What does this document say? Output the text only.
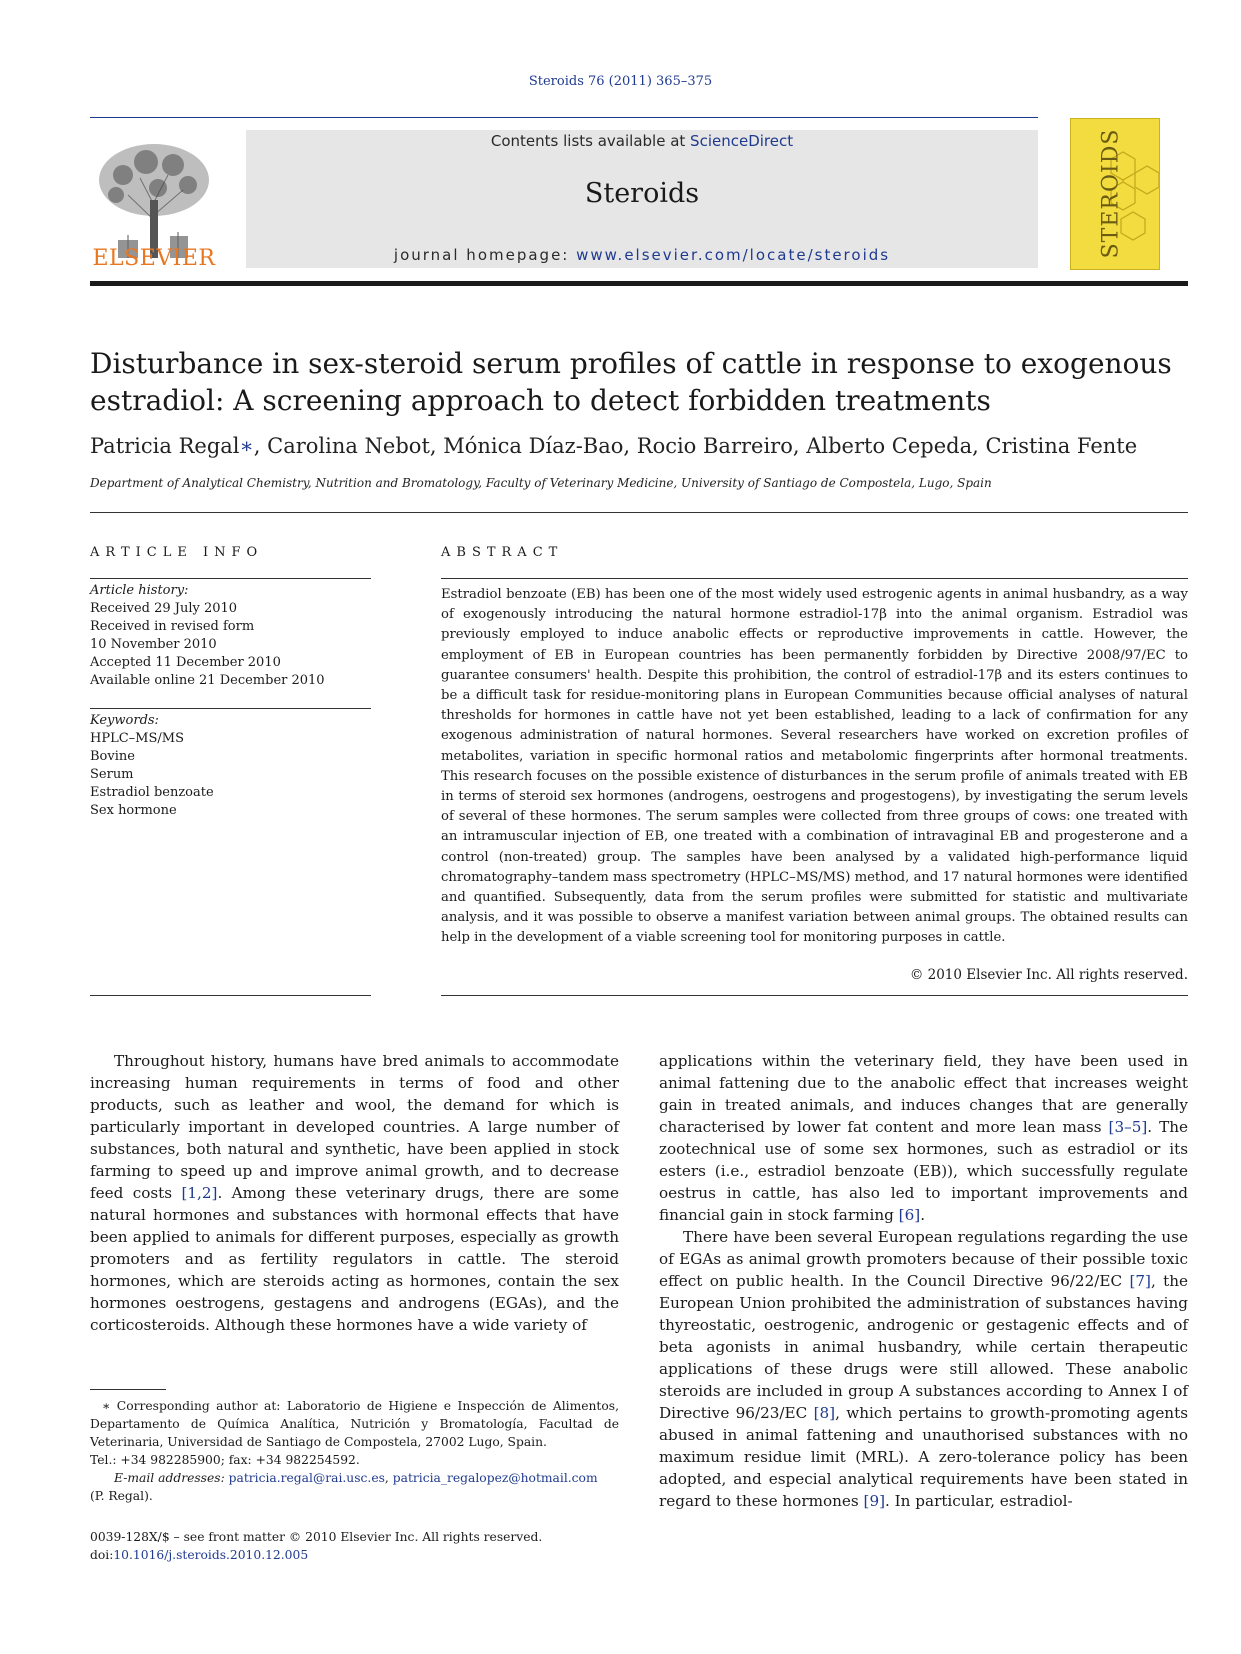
Steroids 76 (2011) 365–375
ELSEVIER
Contents lists available at ScienceDirect
Steroids
journal homepage: www.elsevier.com/locate/steroids	STEROIDS
Disturbance in sex-steroid serum profiles of cattle in response to exogenous
estradiol: A screening approach to detect forbidden treatments
Patricia Regal∗, Carolina Nebot, Mónica Díaz-Bao, Rocio Barreiro, Alberto Cepeda, Cristina Fente
Department of Analytical Chemistry, Nutrition and Bromatology, Faculty of Veterinary Medicine, University of Santiago de Compostela, Lugo, Spain
ARTICLE INFO
Article history:
Received 29 July 2010
Received in revised form
10 November 2010
Accepted 11 December 2010
Available online 21 December 2010
Keywords:
HPLC–MS/MS
Bovine
Serum
Estradiol benzoate
Sex hormone
ABSTRACT
Estradiol benzoate (EB) has been one of the most widely used estrogenic agents in animal husbandry, as a way of exogenously introducing the natural hormone estradiol-17β into the animal organism. Estradiol was previously employed to induce anabolic effects or reproductive improvements in cattle. However, the employment of EB in European countries has been permanently forbidden by Directive 2008/97/EC to guarantee consumers' health. Despite this prohibition, the control of estradiol-17β and its esters continues to be a difficult task for residue-monitoring plans in European Communities because official analyses of natural thresholds for hormones in cattle have not yet been established, leading to a lack of confirmation for any exogenous administration of natural hormones. Several researchers have worked on excretion profiles of metabolites, variation in specific hormonal ratios and metabolomic fingerprints after hormonal treatments. This research focuses on the possible existence of disturbances in the serum profile of animals treated with EB in terms of steroid sex hormones (androgens, oestrogens and progestogens), by investigating the serum levels of several of these hormones. The serum samples were collected from three groups of cows: one treated with an intramuscular injection of EB, one treated with a combination of intravaginal EB and progesterone and a control (non-treated) group. The samples have been analysed by a validated high-performance liquid chromatography–tandem mass spectrometry (HPLC–MS/MS) method, and 17 natural hormones were identified and quantified. Subsequently, data from the serum profiles were submitted for statistic and multivariate analysis, and it was possible to observe a manifest variation between animal groups. The obtained results can help in the development of a viable screening tool for monitoring purposes in cattle.
© 2010 Elsevier Inc. All rights reserved.

Throughout history, humans have bred animals to accommodate increasing human requirements in terms of food and other products, such as leather and wool, the demand for which is particularly important in developed countries. A large number of substances, both natural and synthetic, have been applied in stock farming to speed up and improve animal growth, and to decrease feed costs [1,2]. Among these veterinary drugs, there are some natural hormones and substances with hormonal effects that have been applied to animals for different purposes, especially as growth promoters and as fertility regulators in cattle. The steroid hormones, which are steroids acting as hormones, contain the sex hormones oestrogens, gestagens and androgens (EGAs), and the corticosteroids. Although these hormones have a wide variety of

applications within the veterinary field, they have been used in animal fattening due to the anabolic effect that increases weight gain in treated animals, and induces changes that are generally characterised by lower fat content and more lean mass [3–5]. The zootechnical use of some sex hormones, such as estradiol or its esters (i.e., estradiol benzoate (EB)), which successfully regulate oestrus in cattle, has also led to important improvements and financial gain in stock farming [6].

There have been several European regulations regarding the use of EGAs as animal growth promoters because of their possible toxic effect on public health. In the Council Directive 96/22/EC [7], the European Union prohibited the administration of substances having thyreostatic, oestrogenic, androgenic or gestagenic effects and of beta agonists in animal husbandry, while certain therapeutic applications of these drugs were still allowed. These anabolic steroids are included in group A substances according to Annex I of Directive 96/23/EC [8], which pertains to growth-promoting agents abused in animal fattening and unauthorised substances with no maximum residue limit (MRL). A zero-tolerance policy has been adopted, and especial analytical requirements have been stated in regard to these hormones [9]. In particular, estradiol-

∗ Corresponding author at: Laboratorio de Higiene e Inspección de Alimentos, Departamento de Química Analítica, Nutrición y Bromatología, Facultad de Veterinaria, Universidad de Santiago de Compostela, 27002 Lugo, Spain.
Tel.: +34 982285900; fax: +34 982254592.
E-mail addresses: patricia.regal@rai.usc.es, patricia_regalopez@hotmail.com
(P. Regal).
0039-128X/$ – see front matter © 2010 Elsevier Inc. All rights reserved.
doi:10.1016/j.steroids.2010.12.005
